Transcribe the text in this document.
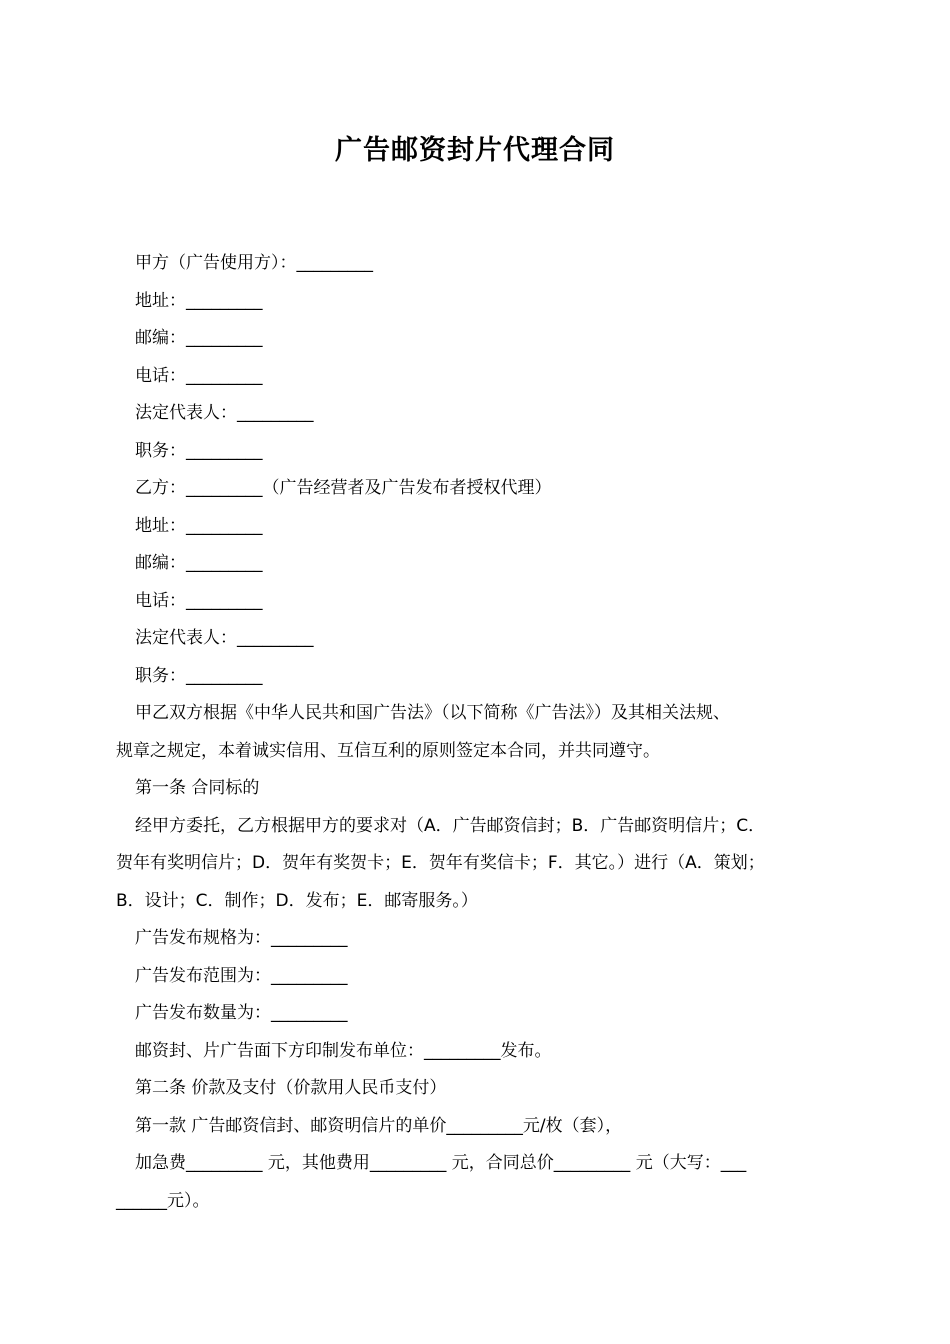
广告邮资封片代理合同

甲方（广告使用方）：_________

地址：_________

邮编：_________

电话：_________

法定代表人：_________

职务：_________

乙方：_________（广告经营者及广告发布者授权代理）

地址：_________

邮编：_________

电话：_________

法定代表人：_________

职务：_________

甲乙双方根据《中华人民共和国广告法》（以下简称《广告法》）及其相关法规、

规章之规定，本着诚实信用、互信互利的原则签定本合同，并共同遵守。

第一条 合同标的

经甲方委托，乙方根据甲方的要求对（A．广告邮资信封；B．广告邮资明信片；C．

贺年有奖明信片；D．贺年有奖贺卡；E．贺年有奖信卡；F．其它。）进行（A．策划；

B．设计；C．制作；D．发布；E．邮寄服务。）

广告发布规格为：_________

广告发布范围为：_________

广告发布数量为：_________

邮资封、片广告面下方印制发布单位：_________发布。

第二条 价款及支付（价款用人民币支付）

第一款 广告邮资信封、邮资明信片的单价_________元/枚（套），

加急费_________ 元，其他费用_________ 元，合同总价_________ 元（大写：___

______元）。
